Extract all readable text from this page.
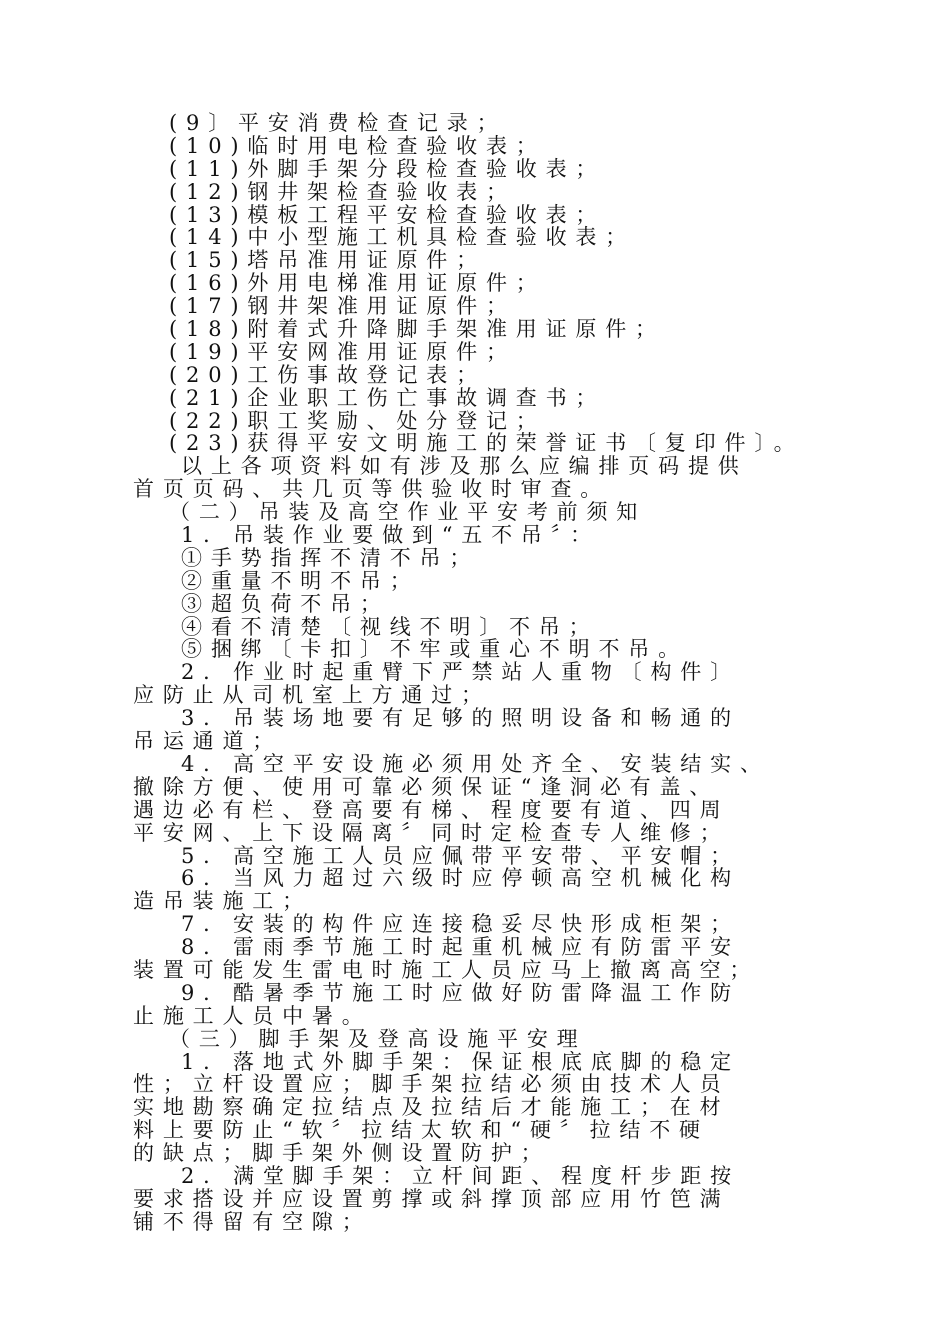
(9〕平安消费检查记录；
(10)临时用电检查验收表；
(11)外脚手架分段检查验收表；
(12)钢井架检查验收表；
(13)模板工程平安检查验收表；
(14)中小型施工机具检查验收表；
(15)塔吊准用证原件；
(16)外用电梯准用证原件；
(17)钢井架准用证原件；
(18)附着式升降脚手架准用证原件；
(19)平安网准用证原件；
(20)工伤事故登记表；
(21)企业职工伤亡事故调查书；
(22)职工奖励、处分登记；
(23)获得平安文明施工的荣誉证书〔复印件〕。
以上各项资料如有涉及那么应编排页码提供
首页页码、共几页等供验收时审查。
（二）吊装及高空作业平安考前须知
1．吊装作业要做到“五不吊〞：
①手势指挥不清不吊；
②重量不明不吊；
③超负荷不吊；
④看不清楚〔视线不明〕不吊；
⑤捆绑〔卡扣〕不牢或重心不明不吊。
2．作业时起重臂下严禁站人重物〔构件〕
应防止从司机室上方通过；
3．吊装场地要有足够的照明设备和畅通的
吊运通道；
4．高空平安设施必须用处齐全、安装结实、
撤除方便、使用可靠必须保证“逢洞必有盖、
遇边必有栏、登高要有梯、程度要有道、四周
平安网、上下设隔离〞同时定检查专人维修；
5．高空施工人员应佩带平安带、平安帽；
6．当风力超过六级时应停顿高空机械化构
造吊装施工；
7．安装的构件应连接稳妥尽快形成柜架；
8．雷雨季节施工时起重机械应有防雷平安
装置可能发生雷电时施工人员应马上撤离高空；
9．酷暑季节施工时应做好防雷降温工作防
止施工人员中暑。
（三）脚手架及登高设施平安理
1．落地式外脚手架：保证根底底脚的稳定
性；立杆设置应；脚手架拉结必须由技术人员
实地勘察确定拉结点及拉结后才能施工；在材
料上要防止“软〞拉结太软和“硬〞拉结不硬
的缺点；脚手架外侧设置防护；
2．满堂脚手架：立杆间距、程度杆步距按
要求搭设并应设置剪撑或斜撑顶部应用竹笆满
铺不得留有空隙；
